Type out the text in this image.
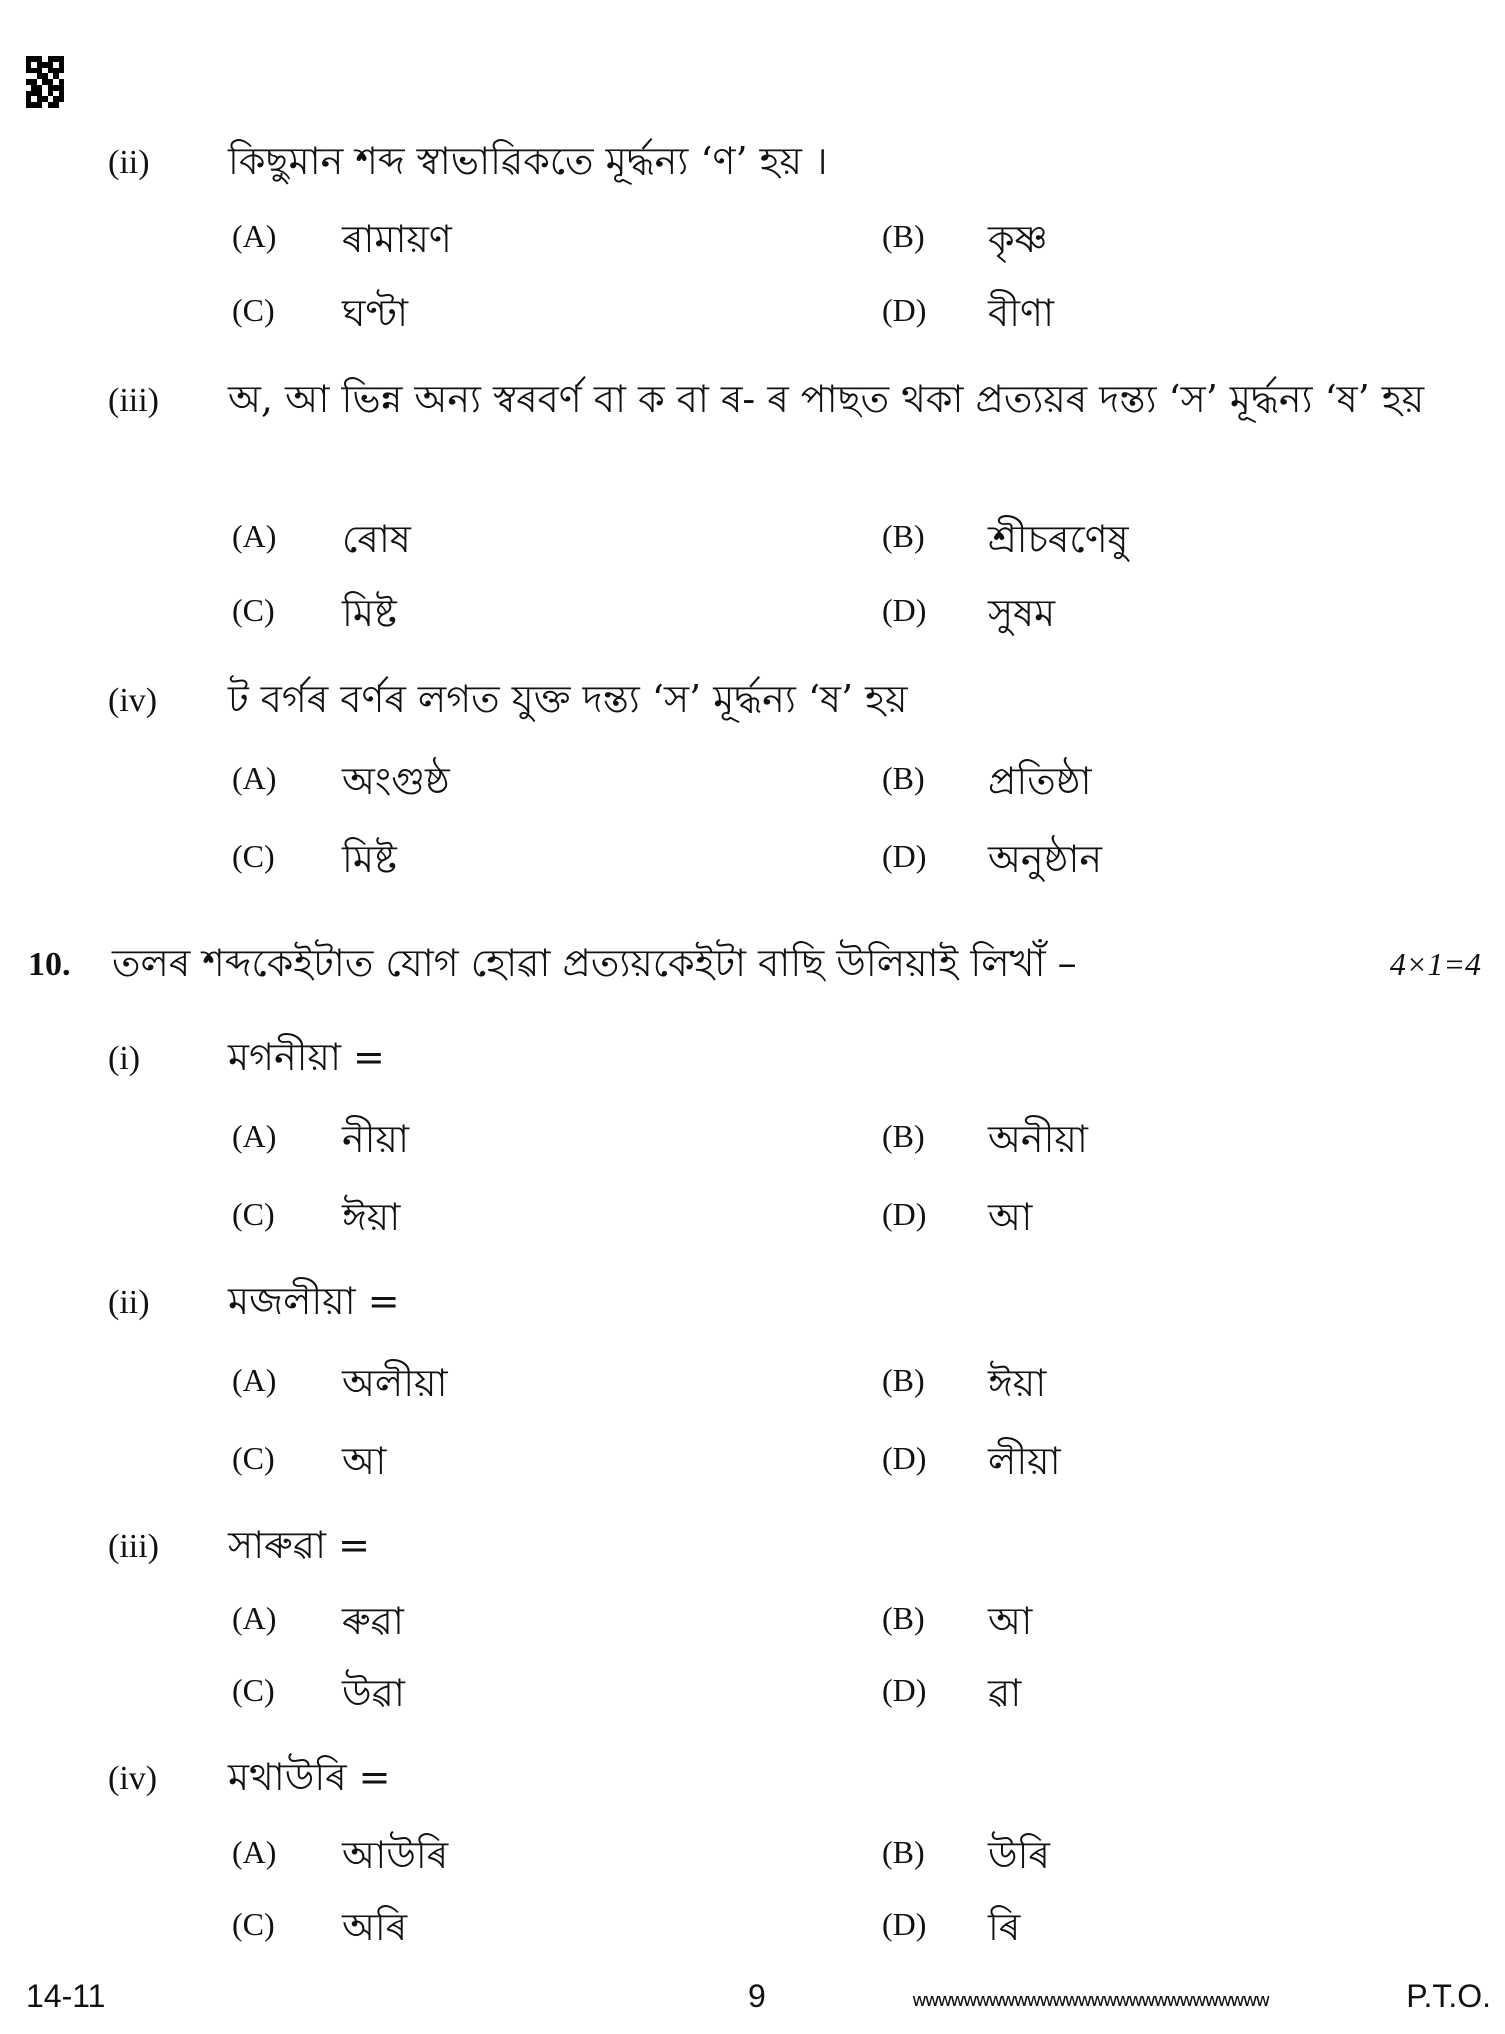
(ii) কিছুমান শব্দ স্বাভাৱিকতে মূৰ্দ্ধন্য ‘ণ’ হয় ।
(A) ৰামায়ণ	(B) কৃষ্ণ
(C) ঘণ্টা	(D) বীণা
(iii) অ, আ ভিন্ন অন্য স্বৰবৰ্ণ বা ক বা ৰ- ৰ পাছত থকা প্ৰত্যয়ৰ দন্ত্য ‘স’ মূৰ্দ্ধন্য ‘ষ’ হয়
(A) ৰোষ	(B) শ্ৰীচৰণেষু
(C) মিষ্ট	(D) সুষম
(iv) ট বৰ্গৰ বৰ্ণৰ লগত যুক্ত দন্ত্য ‘স’ মূৰ্দ্ধন্য ‘ষ’ হয়
(A) অংগুষ্ঠ	(B) প্ৰতিষ্ঠা
(C) মিষ্ট	(D) অনুষ্ঠান
10. তলৰ শব্দকেইটাত যোগ হোৱা প্ৰত্যয়কেইটা বাছি উলিয়াই লিখাঁ –	4×1=4
(i) মগনীয়া =
(A) নীয়া	(B) অনীয়া
(C) ঈয়া	(D) আ
(ii) মজলীয়া =
(A) অলীয়া	(B) ঈয়া
(C) আ	(D) লীয়া
(iii) সাৰুৱা =
(A) ৰুৱা	(B) আ
(C) উৱা	(D) ৱা
(iv) মথাউৰি =
(A) আউৰি	(B) উৰি
(C) অৰি	(D) ৰি
14-11	9	wwwwwwwwwwwwwwwwwwwwwwwwwwww	P.T.O.
